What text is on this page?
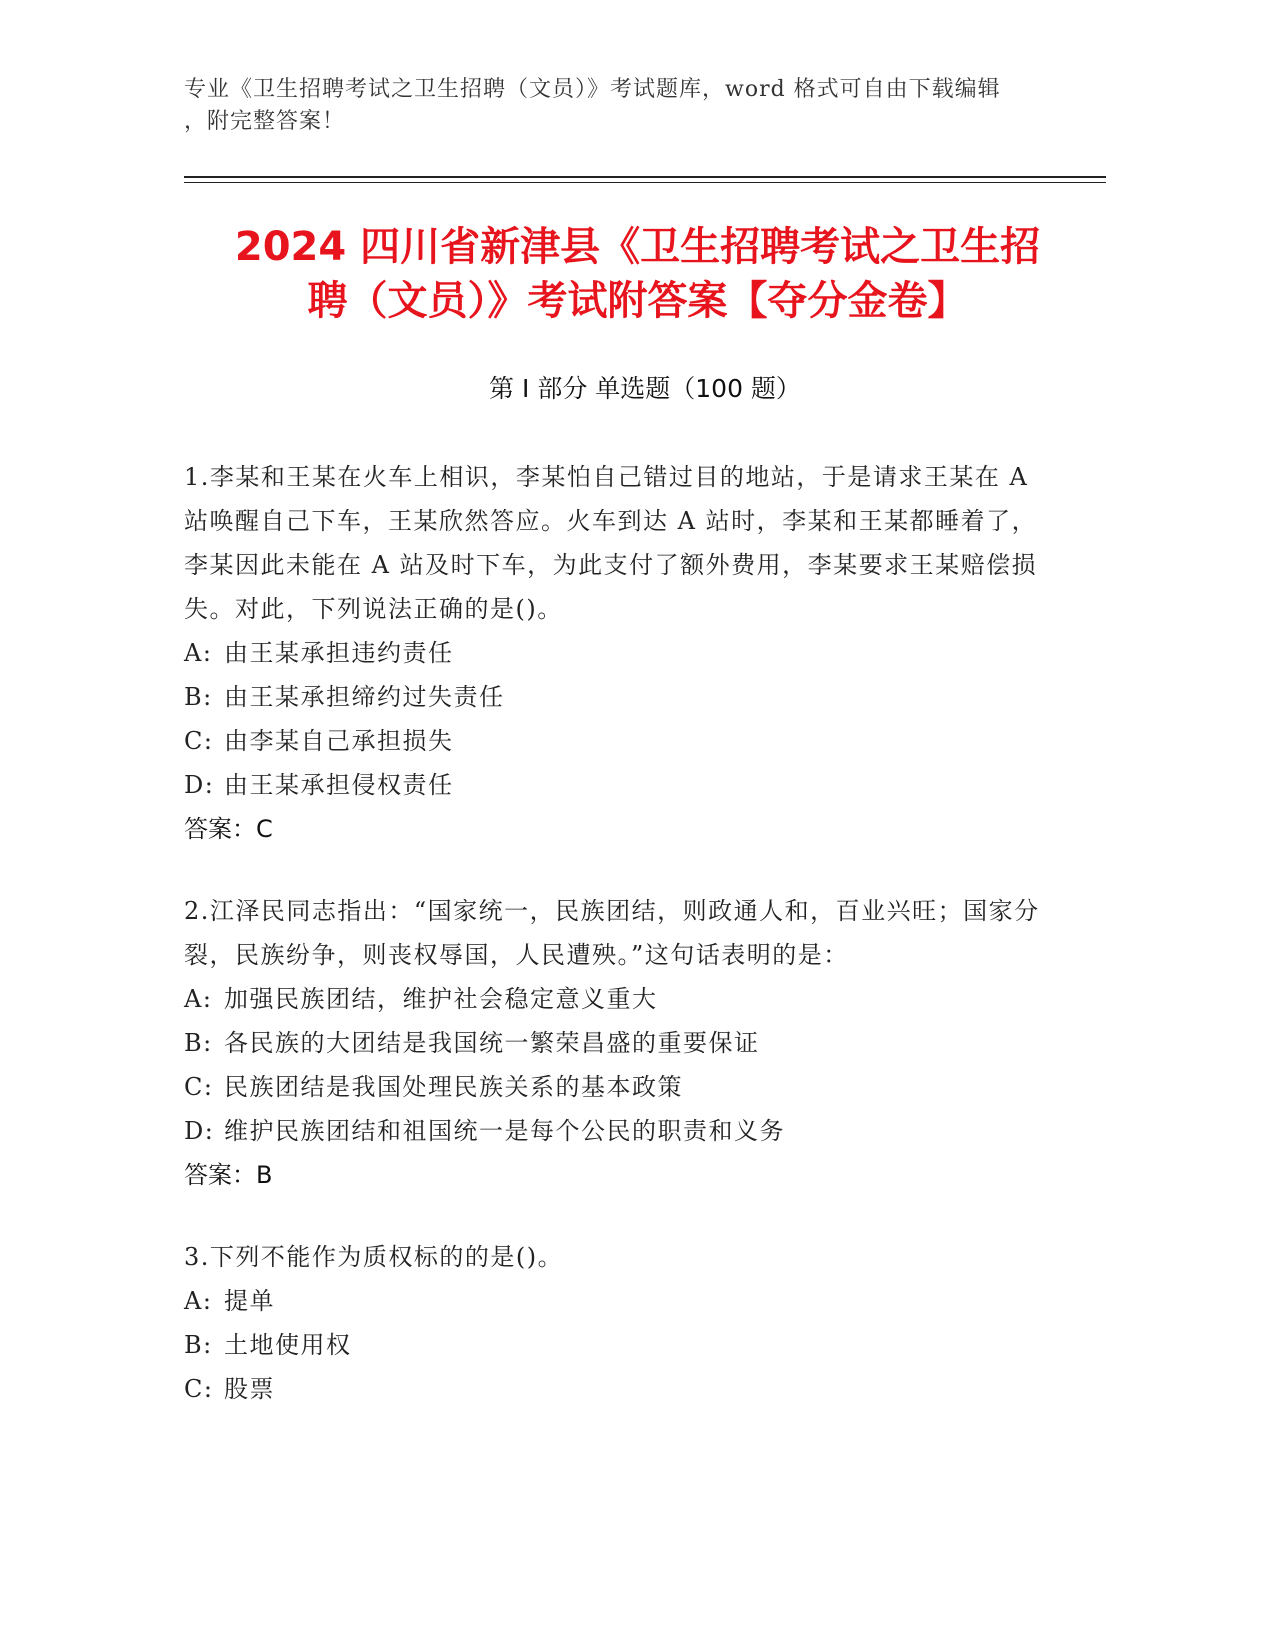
专业《卫生招聘考试之卫生招聘（文员）》考试题库，word 格式可自由下载编辑
，附完整答案！
2024 四川省新津县《卫生招聘考试之卫生招
聘（文员）》考试附答案【夺分金卷】
第 I 部分 单选题（100 题）
1.李某和王某在火车上相识，李某怕自己错过目的地站，于是请求王某在 A 站唤醒自己下车，王某欣然答应。火车到达 A 站时，李某和王某都睡着了，李某因此未能在 A 站及时下车，为此支付了额外费用，李某要求王某赔偿损失。对此，下列说法正确的是()。
A: 由王某承担违约责任
B: 由王某承担缔约过失责任
C: 由李某自己承担损失
D: 由王某承担侵权责任
答案：C
2.江泽民同志指出：“国家统一，民族团结，则政通人和，百业兴旺；国家分裂，民族纷争，则丧权辱国，人民遭殃。”这句话表明的是：
A: 加强民族团结，维护社会稳定意义重大
B: 各民族的大团结是我国统一繁荣昌盛的重要保证
C: 民族团结是我国处理民族关系的基本政策
D: 维护民族团结和祖国统一是每个公民的职责和义务
答案：B
3.下列不能作为质权标的的是()。
A: 提单
B: 土地使用权
C: 股票
